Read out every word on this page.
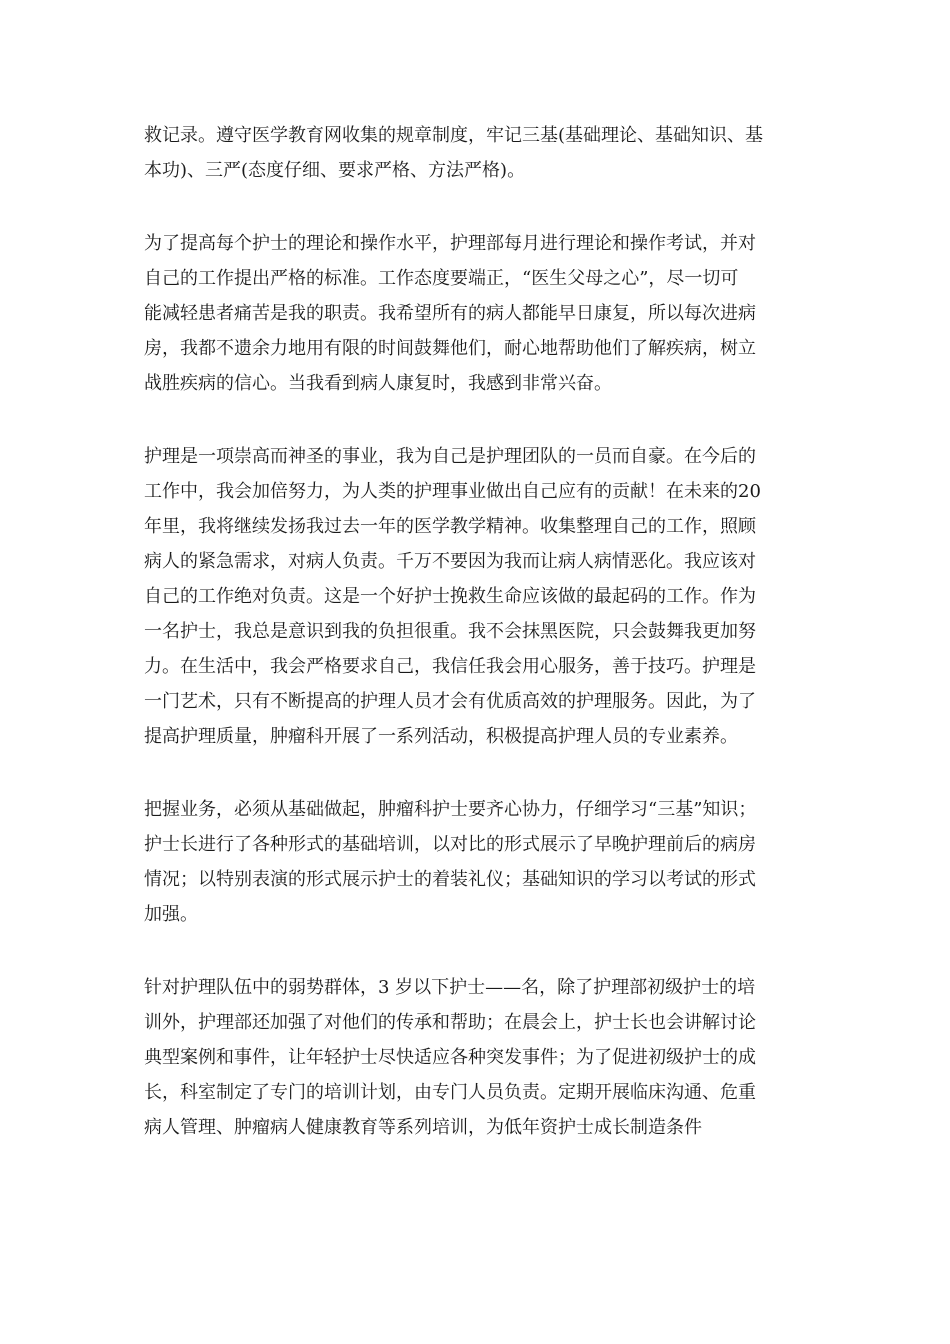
救记录。遵守医学教育网收集的规章制度，牢记三基(基础理论、基础知识、基
本功)、三严(态度仔细、要求严格、方法严格)。

为了提高每个护士的理论和操作水平，护理部每月进行理论和操作考试，并对
自己的工作提出严格的标准。工作态度要端正，“医生父母之心”，尽一切可
能减轻患者痛苦是我的职责。我希望所有的病人都能早日康复，所以每次进病
房，我都不遗余力地用有限的时间鼓舞他们，耐心地帮助他们了解疾病，树立
战胜疾病的信心。当我看到病人康复时，我感到非常兴奋。

护理是一项崇高而神圣的事业，我为自己是护理团队的一员而自豪。在今后的
工作中，我会加倍努力，为人类的护理事业做出自己应有的贡献！在未来的20
年里，我将继续发扬我过去一年的医学教学精神。收集整理自己的工作，照顾
病人的紧急需求，对病人负责。千万不要因为我而让病人病情恶化。我应该对
自己的工作绝对负责。这是一个好护士挽救生命应该做的最起码的工作。作为
一名护士，我总是意识到我的负担很重。我不会抹黑医院，只会鼓舞我更加努
力。在生活中，我会严格要求自己，我信任我会用心服务，善于技巧。护理是
一门艺术，只有不断提高的护理人员才会有优质高效的护理服务。因此，为了
提高护理质量，肿瘤科开展了一系列活动，积极提高护理人员的专业素养。

把握业务，必须从基础做起，肿瘤科护士要齐心协力，仔细学习“三基”知识；
护士长进行了各种形式的基础培训，以对比的形式展示了早晚护理前后的病房
情况；以特别表演的形式展示护士的着装礼仪；基础知识的学习以考试的形式
加强。

针对护理队伍中的弱势群体，3 岁以下护士——名，除了护理部初级护士的培
训外，护理部还加强了对他们的传承和帮助；在晨会上，护士长也会讲解讨论
典型案例和事件，让年轻护士尽快适应各种突发事件；为了促进初级护士的成
长，科室制定了专门的培训计划，由专门人员负责。定期开展临床沟通、危重
病人管理、肿瘤病人健康教育等系列培训，为低年资护士成长制造条件
